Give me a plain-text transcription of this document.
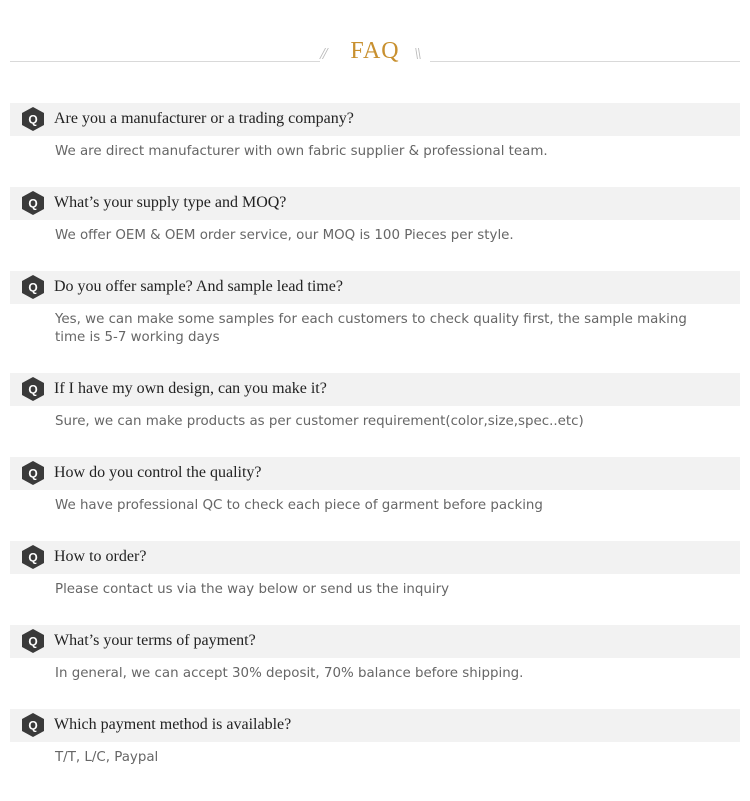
//	FAQ \\
Q Are you a manufacturer or a trading company?
We are direct manufacturer with own fabric supplier & professional team.
Q What’s your supply type and MOQ?
We offer OEM & OEM order service, our MOQ is 100 Pieces per style.
Q Do you offer sample? And sample lead time?
Yes, we can make some samples for each customers to check quality first, the sample making time is 5-7 working days
Q If I have my own design, can you make it?
Sure, we can make products as per customer requirement(color,size,spec..etc)
Q How do you control the quality?
We have professional QC to check each piece of garment before packing
Q How to order?
Please contact us via the way below or send us the inquiry
Q What’s your terms of payment?
In general, we can accept 30% deposit, 70% balance before shipping.
Q Which payment method is available?
T/T, L/C, Paypal
